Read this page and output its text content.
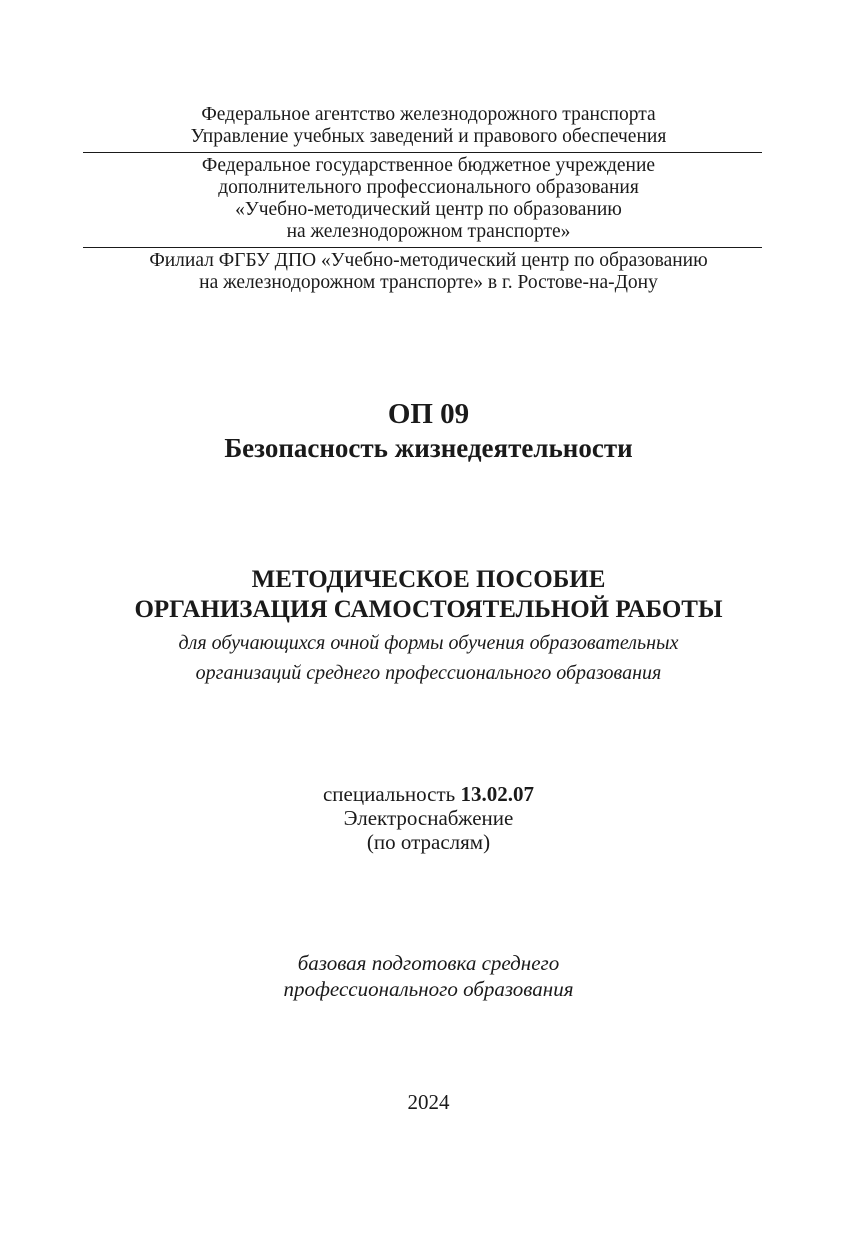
Федеральное агентство железнодорожного транспорта
Управление учебных заведений и правового обеспечения
Федеральное государственное бюджетное учреждение
дополнительного профессионального образования
«Учебно-методический центр по образованию
на железнодорожном транспорте»
Филиал ФГБУ ДПО «Учебно-методический центр по образованию
на железнодорожном транспорте» в г. Ростове-на-Дону
ОП 09
Безопасность жизнедеятельности
МЕТОДИЧЕСКОЕ ПОСОБИЕ
ОРГАНИЗАЦИЯ САМОСТОЯТЕЛЬНОЙ РАБОТЫ
для обучающихся очной формы обучения образовательных
организаций среднего профессионального образования
специальность 13.02.07
Электроснабжение
(по отраслям)
базовая подготовка среднего
профессионального образования
2024
